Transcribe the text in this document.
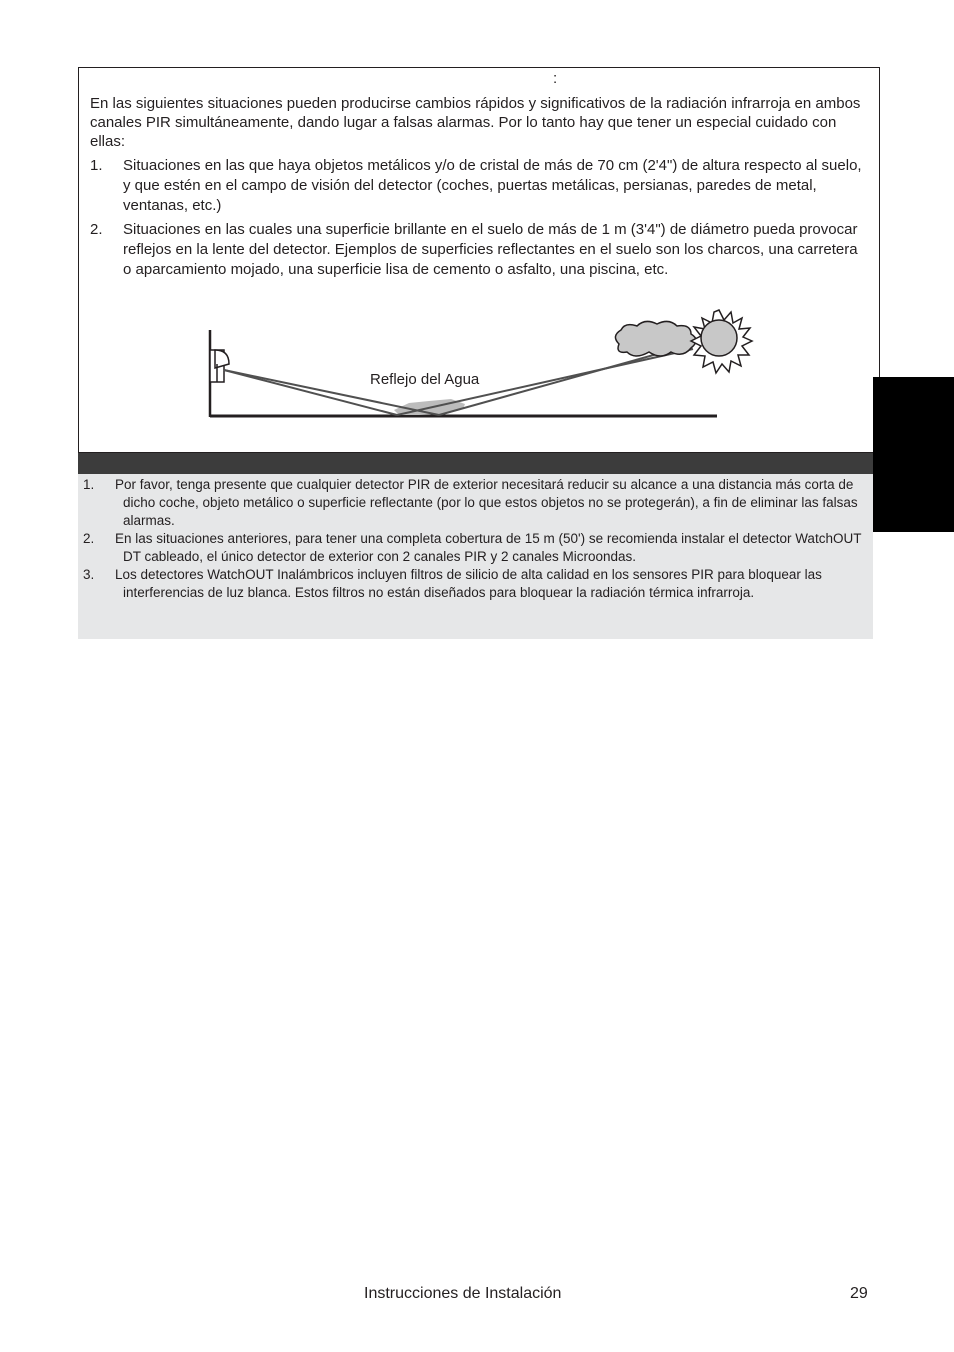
:

En las siguientes situaciones pueden producirse cambios rápidos y significativos de la radiación infrarroja en ambos canales PIR simultáneamente, dando lugar a falsas alarmas. Por lo tanto hay que tener un especial cuidado con ellas:

1. Situaciones en las que haya objetos metálicos y/o de cristal de más de 70 cm (2'4") de altura respecto al suelo, y que estén en el campo de visión del detector (coches, puertas metálicas, persianas, paredes de metal, ventanas, etc.)
2. Situaciones en las cuales una superficie brillante en el suelo de más de 1 m (3'4") de diámetro pueda provocar reflejos en la lente del detector. Ejemplos de superficies reflectantes en el suelo son los charcos, una carretera o aparcamiento mojado, una superficie lisa de cemento o asfalto, una piscina, etc.
Reflejo del Agua
1. Por favor, tenga presente que cualquier detector PIR de exterior necesitará reducir su alcance a una distancia más corta de dicho coche, objeto metálico o superficie reflectante (por lo que estos objetos no se protegerán), a fin de eliminar las falsas alarmas.
2. En las situaciones anteriores, para tener una completa cobertura de 15 m (50') se recomienda instalar el detector WatchOUT DT cableado, el único detector de exterior con 2 canales PIR y 2 canales Microondas.
3. Los detectores WatchOUT Inalámbricos incluyen filtros de silicio de alta calidad en los sensores PIR para bloquear las interferencias de luz blanca. Estos filtros no están diseñados para bloquear la radiación térmica infrarroja.
Instrucciones de Instalación	29
